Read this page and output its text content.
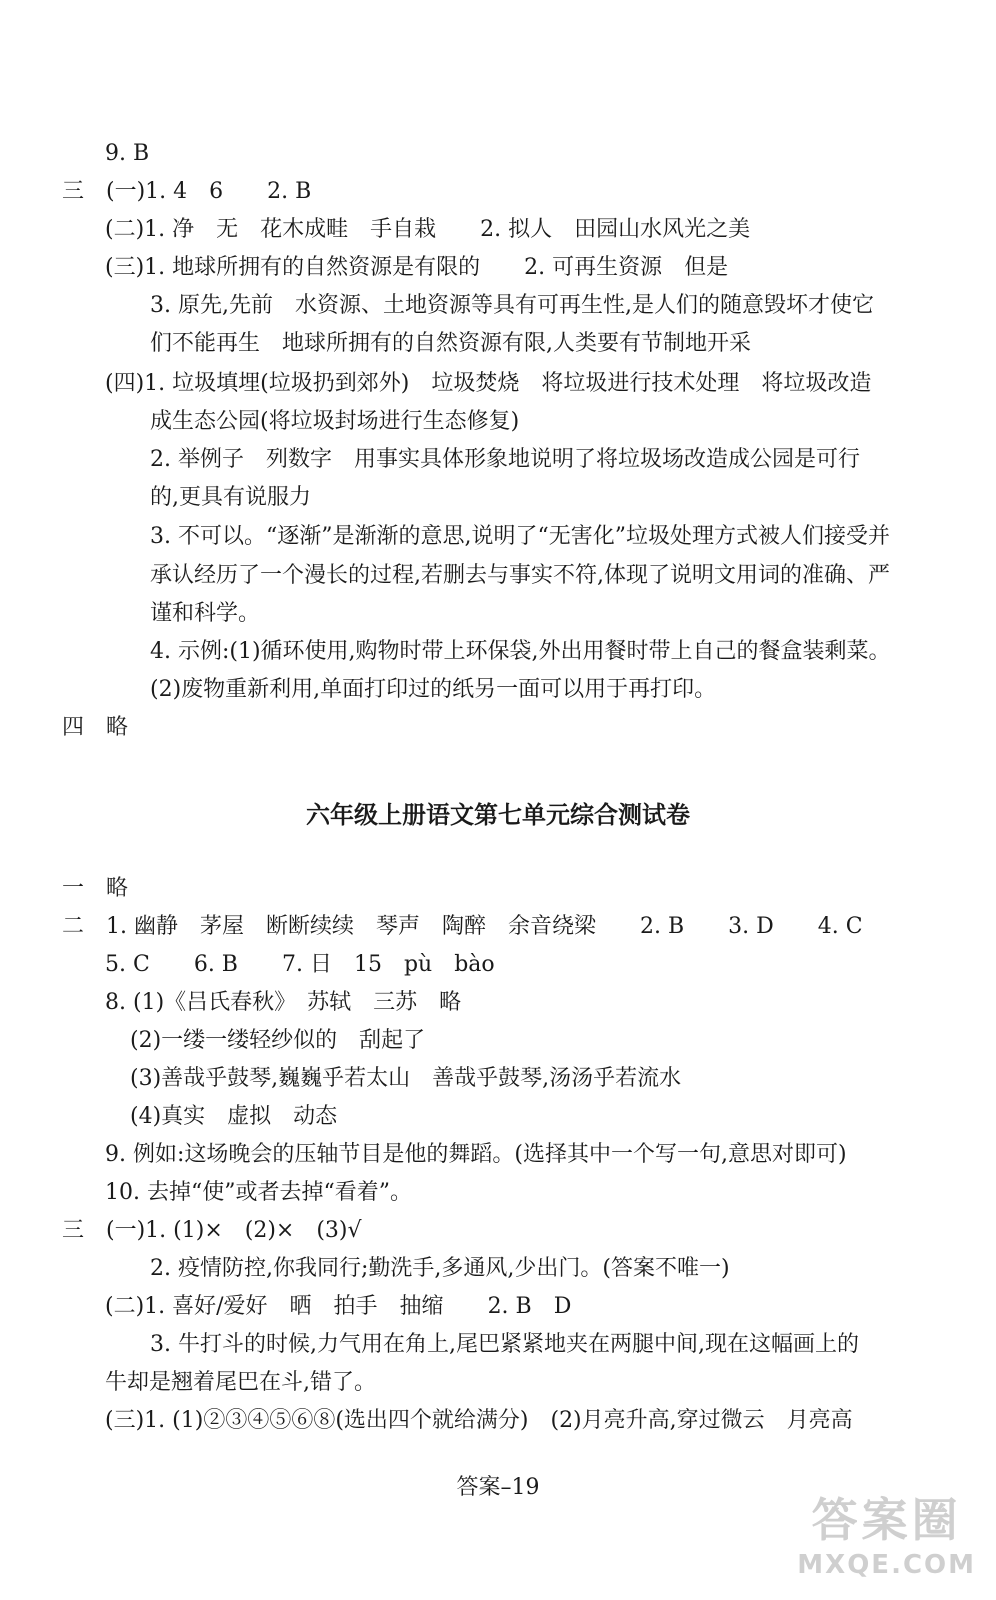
9. B
三　(一)1. 4　6　　2. B
(二)1. 净　无　花木成畦　手自栽　　2. 拟人　田园山水风光之美
(三)1. 地球所拥有的自然资源是有限的　　2. 可再生资源　但是
3. 原先,先前　水资源、土地资源等具有可再生性,是人们的随意毁坏才使它
们不能再生　地球所拥有的自然资源有限,人类要有节制地开采
(四)1. 垃圾填埋(垃圾扔到郊外)　垃圾焚烧　将垃圾进行技术处理　将垃圾改造
成生态公园(将垃圾封场进行生态修复)
2. 举例子　列数字　用事实具体形象地说明了将垃圾场改造成公园是可行
的,更具有说服力
3. 不可以。“逐渐”是渐渐的意思,说明了“无害化”垃圾处理方式被人们接受并
承认经历了一个漫长的过程,若删去与事实不符,体现了说明文用词的准确、严
谨和科学。
4. 示例:(1)循环使用,购物时带上环保袋,外出用餐时带上自己的餐盒装剩菜。
(2)废物重新利用,单面打印过的纸另一面可以用于再打印。
四　略
六年级上册语文第七单元综合测试卷
一　略
二　1. 幽静　茅屋　断断续续　琴声　陶醉　余音绕梁　　2. B　　3. D　　4. C
5. C　　6. B　　7. 日　15　pù　bào
8. (1)《吕氏春秋》　苏轼　三苏　略
(2)一缕一缕轻纱似的　刮起了
(3)善哉乎鼓琴,巍巍乎若太山　善哉乎鼓琴,汤汤乎若流水
(4)真实　虚拟　动态
9. 例如:这场晚会的压轴节目是他的舞蹈。(选择其中一个写一句,意思对即可)
10. 去掉“使”或者去掉“看着”。
三　(一)1. (1)×　(2)×　(3)√
2. 疫情防控,你我同行;勤洗手,多通风,少出门。(答案不唯一)
(二)1. 喜好/爱好　晒　拍手　抽缩　　2. B　D
3. 牛打斗的时候,力气用在角上,尾巴紧紧地夹在两腿中间,现在这幅画上的
牛却是翘着尾巴在斗,错了。
(三)1. (1)②③④⑤⑥⑧(选出四个就给满分)　(2)月亮升高,穿过微云　月亮高
答案–19
答案圈
MXQE.COM
